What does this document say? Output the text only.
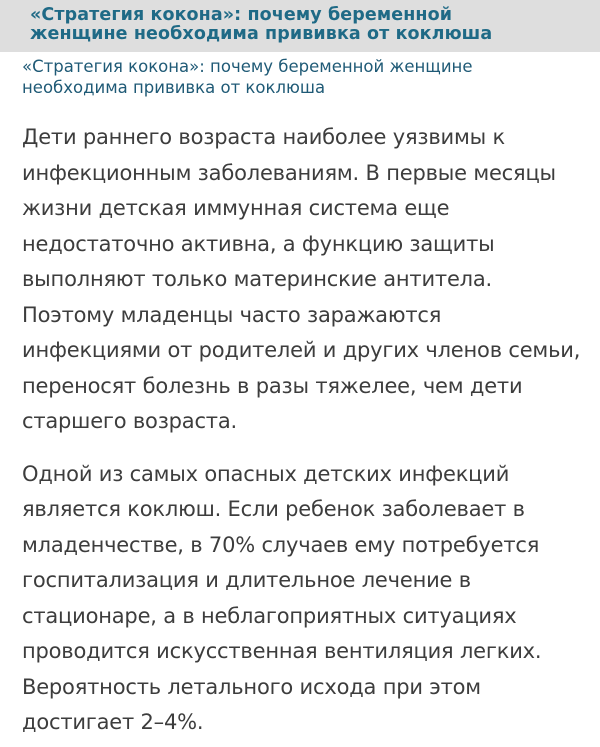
«Стратегия кокона»: почему беременной
женщине необходима прививка от коклюша
«Стратегия кокона»: почему беременной женщине
необходима прививка от коклюша

Дети раннего возраста наиболее уязвимы к
инфекционным заболеваниям. В первые месяцы
жизни детская иммунная система еще
недостаточно активна, а функцию защиты
выполняют только материнские антитела.
Поэтому младенцы часто заражаются
инфекциями от родителей и других членов семьи,
переносят болезнь в разы тяжелее, чем дети
старшего возраста.

Одной из самых опасных детских инфекций
является коклюш. Если ребенок заболевает в
младенчестве, в 70% случаев ему потребуется
госпитализация и длительное лечение в
стационаре, а в неблагоприятных ситуациях
проводится искусственная вентиляция легких.
Вероятность летального исхода при этом
достигает 2–4%.
